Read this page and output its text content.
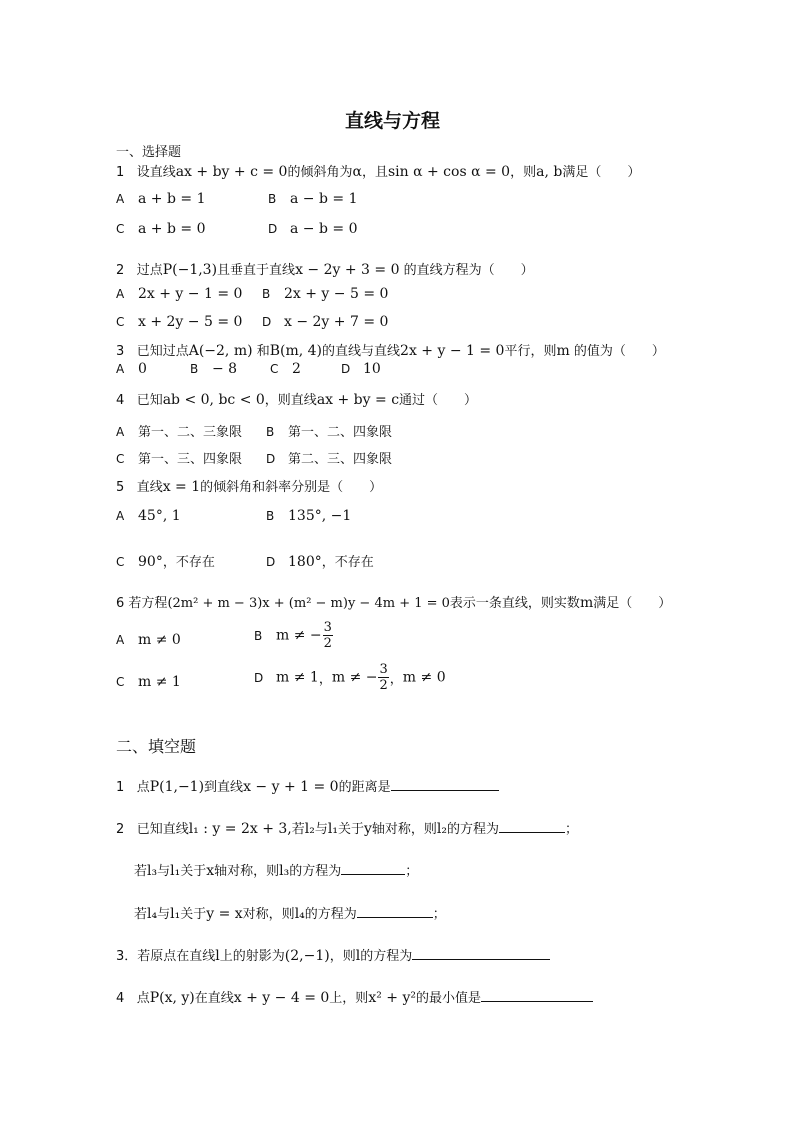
直线与方程
一、选择题
1 设直线ax + by + c = 0的倾斜角为α，且sin α + cos α = 0，则a, b满足（　　）
A a + b = 1	B a − b = 1
C a + b = 0	D a − b = 0
2 过点P(−1,3)且垂直于直线x − 2y + 3 = 0 的直线方程为（　　）
A 2x + y − 1 = 0 B 2x + y − 5 = 0
C x + 2y − 5 = 0 D x − 2y + 7 = 0
3 已知过点A(−2, m) 和B(m, 4)的直线与直线2x + y − 1 = 0平行，则m 的值为（　　）
A 0	B − 8	C 2	D 10
4 已知ab < 0, bc < 0，则直线ax + by = c通过（　　）
A 第一、二、三象限 B 第一、二、四象限
C 第一、三、四象限 D 第二、三、四象限
5 直线x = 1的倾斜角和斜率分别是（　　）
A 45°, 1	B 135°, −1
C 90°，不存在	D 180°，不存在
6 若方程(2m² + m − 3)x + (m² − m)y − 4m + 1 = 0表示一条直线，则实数m满足（　　）
A m ≠ 0	B m ≠ − $\frac{3}{2}$
C m ≠ 1	D m ≠ 1，m ≠ − $\frac{3}{2}$ ，m ≠ 0
二、填空题
1 点P(1,−1)到直线x − y + 1 = 0的距离是
2 已知直线l₁ : y = 2x + 3,若l₂与l₁关于y轴对称，则l₂的方程为	；
若l₃与l₁关于x轴对称，则l₃的方程为	；
若l₄与l₁关于y = x对称，则l₄的方程为	；
3．若原点在直线l上的射影为(2,−1)，则l的方程为
4 点P(x, y)在直线x + y − 4 = 0上，则x² + y²的最小值是
